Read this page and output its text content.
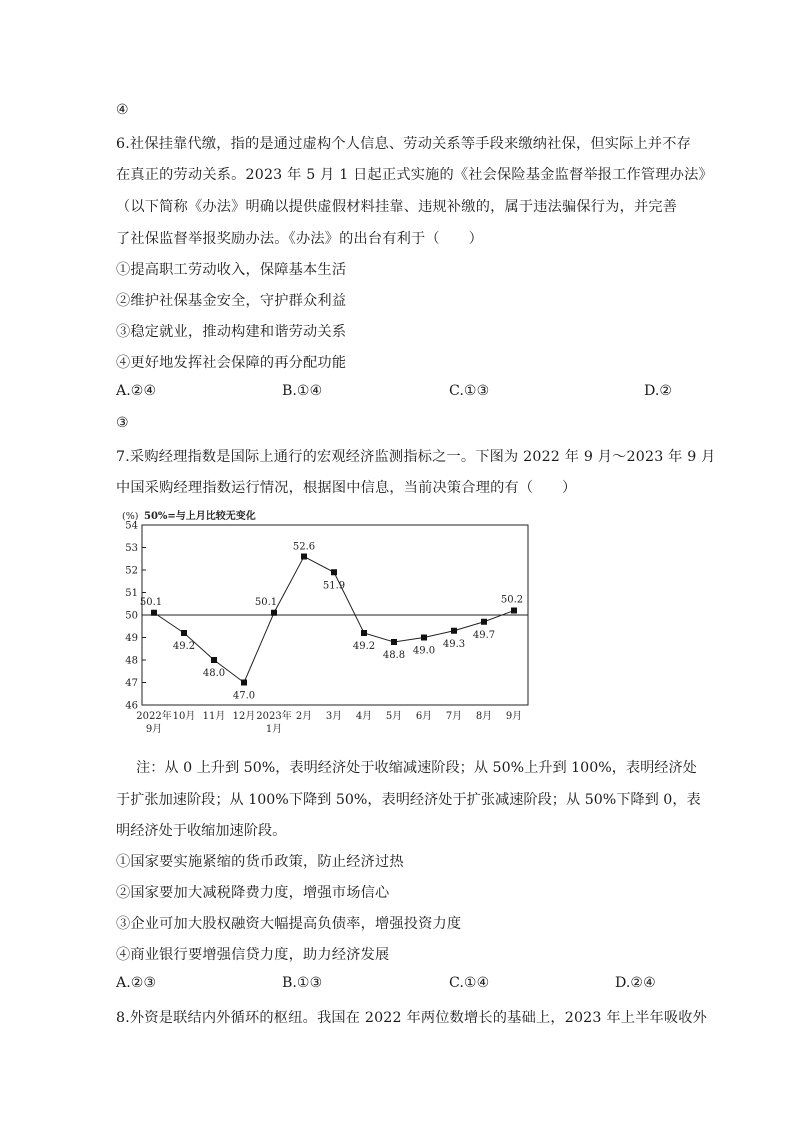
④
6.社保挂靠代缴，指的是通过虚构个人信息、劳动关系等手段来缴纳社保，但实际上并不存
在真正的劳动关系。2023 年 5 月 1 日起正式实施的《社会保险基金监督举报工作管理办法》
（以下简称《办法》明确以提供虚假材料挂靠、违规补缴的，属于违法骗保行为，并完善
了社保监督举报奖励办法。《办法》的出台有利于（　　）
①提高职工劳动收入，保障基本生活
②维护社保基金安全，守护群众利益
③稳定就业，推动构建和谐劳动关系
④更好地发挥社会保障的再分配功能
A.②④	B.①④	C.①③	D.②
③
7.采购经理指数是国际上通行的宏观经济监测指标之一。下图为 2022 年 9 月～2023 年 9 月
中国采购经理指数运行情况，根据图中信息，当前决策合理的有（　　）
(%) 50%=与上月比较无变化
46
47
48
49
50
51
52
53
54
50.1
49.2
48.0
47.0
50.1
52.6
51.9
49.2
48.8 49.0
49.3
49.7
50.2
2022年
9月
10月 11月 12月 2023年
1月
2月 3月 4月 5月 6月 7月 8月 9月
注：从 0 上升到 50%，表明经济处于收缩减速阶段；从 50%上升到 100%，表明经济处
于扩张加速阶段；从 100%下降到 50%，表明经济处于扩张减速阶段；从 50%下降到 0，表
明经济处于收缩加速阶段。
①国家要实施紧缩的货币政策，防止经济过热
②国家要加大减税降费力度，增强市场信心
③企业可加大股权融资大幅提高负债率，增强投资力度
④商业银行要增强信贷力度，助力经济发展
A.②③	B.①③	C.①④	D.②④
8.外资是联结内外循环的枢纽。我国在 2022 年两位数增长的基础上，2023 年上半年吸收外
